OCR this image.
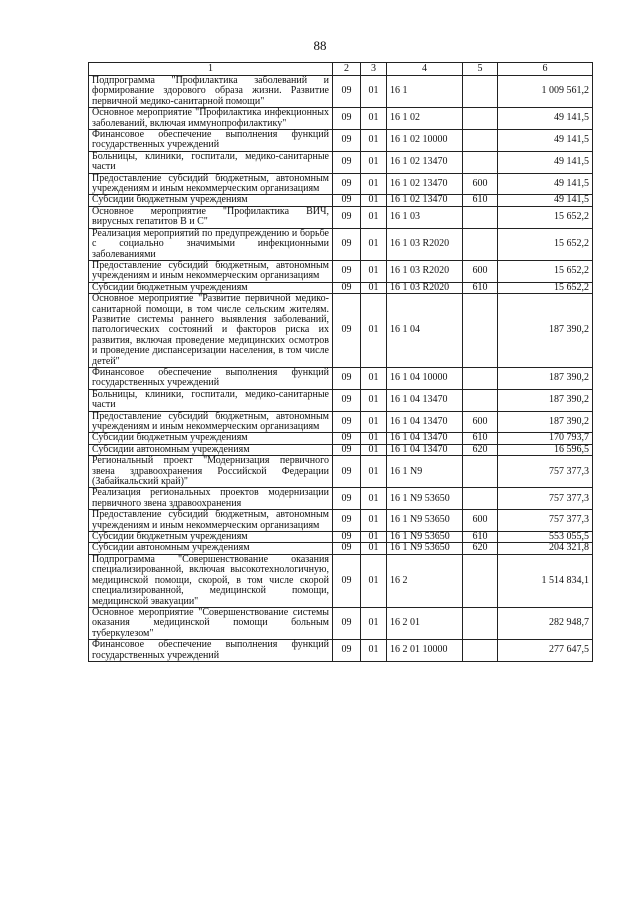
88
1	2	3	4	5	6
Подпрограмма "Профилактика заболеваний и формирование здорового образа жизни. Развитие первичной медико-санитарной помощи"	09	01	16 1		1 009 561,2
Основное мероприятие "Профилактика инфекционных заболеваний, включая иммунопрофилактику"	09	01	16 1 02		49 141,5
Финансовое обеспечение выполнения функций государственных учреждений	09	01	16 1 02 10000		49 141,5
Больницы, клиники, госпитали, медико-санитарные части	09	01	16 1 02 13470		49 141,5
Предоставление субсидий бюджетным, автономным учреждениям и иным некоммерческим организациям	09	01	16 1 02 13470	600	49 141,5
Субсидии бюджетным учреждениям	09	01	16 1 02 13470	610	49 141,5
Основное мероприятие "Профилактика ВИЧ, вирусных гепатитов В и С"	09	01	16 1 03		15 652,2
Реализация мероприятий по предупреждению и борьбе с социально значимыми инфекционными заболеваниями	09	01	16 1 03 R2020		15 652,2
Предоставление субсидий бюджетным, автономным учреждениям и иным некоммерческим организациям	09	01	16 1 03 R2020	600	15 652,2
Субсидии бюджетным учреждениям	09	01	16 1 03 R2020	610	15 652,2
Основное мероприятие "Развитие первичной медико-санитарной помощи, в том числе сельским жителям. Развитие системы раннего выявления заболеваний, патологических состояний и факторов риска их развития, включая проведение медицинских осмотров и проведение диспансеризации населения, в том числе детей"	09	01	16 1 04		187 390,2
Финансовое обеспечение выполнения функций государственных учреждений	09	01	16 1 04 10000		187 390,2
Больницы, клиники, госпитали, медико-санитарные части	09	01	16 1 04 13470		187 390,2
Предоставление субсидий бюджетным, автономным учреждениям и иным некоммерческим организациям	09	01	16 1 04 13470	600	187 390,2
Субсидии бюджетным учреждениям	09	01	16 1 04 13470	610	170 793,7
Субсидии автономным учреждениям	09	01	16 1 04 13470	620	16 596,5
Региональный проект "Модернизация первичного звена здравоохранения Российской Федерации (Забайкальский край)"	09	01	16 1 N9		757 377,3
Реализация региональных проектов модернизации первичного звена здравоохранения	09	01	16 1 N9 53650		757 377,3
Предоставление субсидий бюджетным, автономным учреждениям и иным некоммерческим организациям	09	01	16 1 N9 53650	600	757 377,3
Субсидии бюджетным учреждениям	09	01	16 1 N9 53650	610	553 055,5
Субсидии автономным учреждениям	09	01	16 1 N9 53650	620	204 321,8
Подпрограмма "Совершенствование оказания специализированной, включая высокотехнологичную, медицинской помощи, скорой, в том числе скорой специализированной, медицинской помощи, медицинской эвакуации"	09	01	16 2		1 514 834,1
Основное мероприятие "Совершенствование системы оказания медицинской помощи больным туберкулезом"	09	01	16 2 01		282 948,7
Финансовое обеспечение выполнения функций государственных учреждений	09	01	16 2 01 10000		277 647,5
